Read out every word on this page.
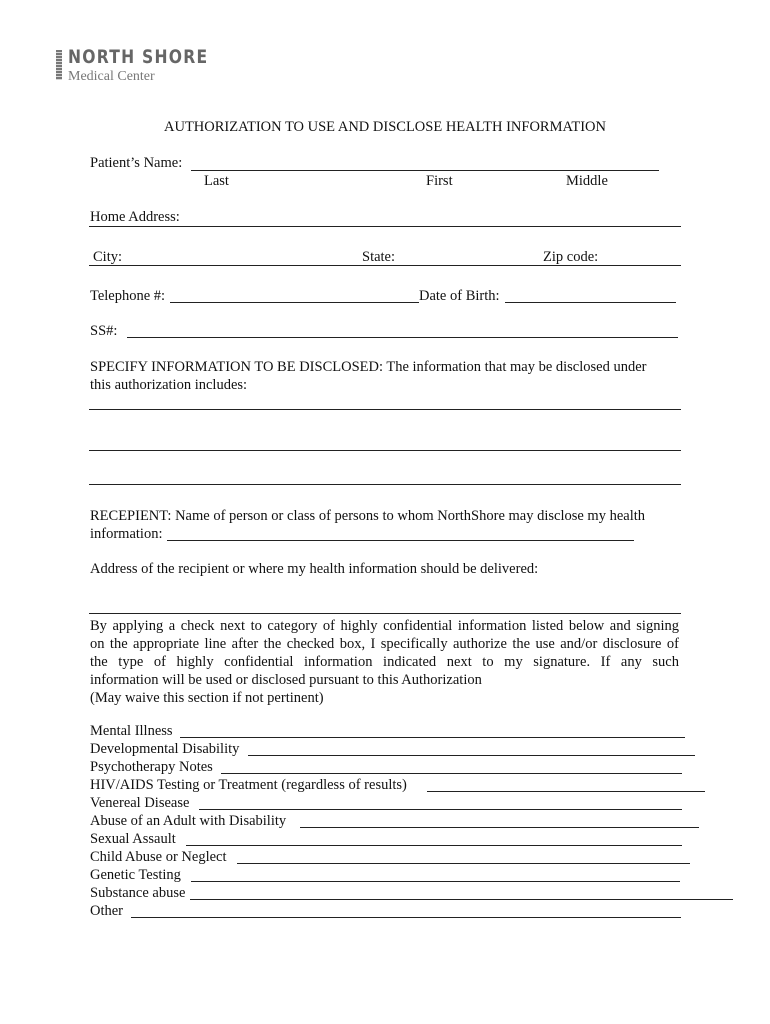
NORTH SHORE
Medical Center
AUTHORIZATION TO USE AND DISCLOSE HEALTH INFORMATION
Patient’s Name:
Last	First	Middle
Home Address:
City:	State:	Zip code:
Telephone #:	Date of Birth:
SS#:
SPECIFY INFORMATION TO BE DISCLOSED: The information that may be disclosed under
this authorization includes:
RECEPIENT: Name of person or class of persons to whom NorthShore may disclose my health
information:
Address of the recipient or where my health information should be delivered:
By applying a check next to category of highly confidential information listed below and signing
on the appropriate line after the checked box, I specifically authorize the use and/or disclosure of
the type of highly confidential information indicated next to my signature. If any such
information will be used or disclosed pursuant to this Authorization
(May waive this section if not pertinent)
Mental Illness
Developmental Disability
Psychotherapy Notes
HIV/AIDS Testing or Treatment (regardless of results)
Venereal Disease
Abuse of an Adult with Disability
Sexual Assault
Child Abuse or Neglect
Genetic Testing
Substance abuse
Other
